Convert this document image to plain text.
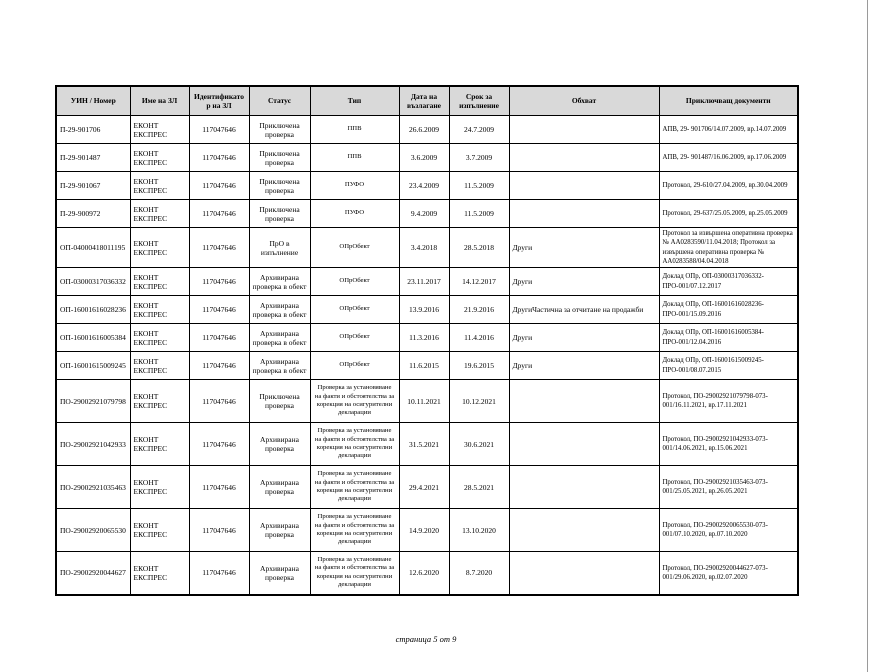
УИН / Номер	Име на ЗЛ	Идентификатор на ЗЛ	Статус	Тип	Дата на възлагане	Срок за изпълнение	Обхват	Приключващ документи
П-29-901706	ЕКОНТ ЕКСПРЕС	117047646	Приключена проверка	ППВ	26.6.2009	24.7.2009		АПВ, 29- 901706/14.07.2009, вр.14.07.2009
П-29-901487	ЕКОНТ ЕКСПРЕС	117047646	Приключена проверка	ППВ	3.6.2009	3.7.2009		АПВ, 29- 901487/16.06.2009, вр.17.06.2009
П-29-901067	ЕКОНТ ЕКСПРЕС	117047646	Приключена проверка	ПУФО	23.4.2009	11.5.2009		Протокол, 29-610/27.04.2009, вр.30.04.2009
П-29-900972	ЕКОНТ ЕКСПРЕС	117047646	Приключена проверка	ПУФО	9.4.2009	11.5.2009		Протокол, 29-637/25.05.2009, вр.25.05.2009
ОП-04000418011195	ЕКОНТ ЕКСПРЕС	117047646	ПрО в изпълнение	ОПрОбект	3.4.2018	28.5.2018	Други	Протокол за извършена оперативна проверка № АА0283590/11.04.2018; Протокол за извършена оперативна проверка № АА0283588/04.04.2018
ОП-03000317036332	ЕКОНТ ЕКСПРЕС	117047646	Архивирана проверка в обект	ОПрОбект	23.11.2017	14.12.2017	Други	Доклад ОПр, ОП-03000317036332-ПРО-001/07.12.2017
ОП-16001616028236	ЕКОНТ ЕКСПРЕС	117047646	Архивирана проверка в обект	ОПрОбект	13.9.2016	21.9.2016	ДругиЧастична за отчитане на продажби	Доклад ОПр, ОП-16001616028236-ПРО-001/15.09.2016
ОП-16001616005384	ЕКОНТ ЕКСПРЕС	117047646	Архивирана проверка в обект	ОПрОбект	11.3.2016	11.4.2016	Други	Доклад ОПр, ОП-16001616005384-ПРО-001/12.04.2016
ОП-16001615009245	ЕКОНТ ЕКСПРЕС	117047646	Архивирана проверка в обект	ОПрОбект	11.6.2015	19.6.2015	Други	Доклад ОПр, ОП-16001615009245-ПРО-001/08.07.2015
ПО-29002921079798	ЕКОНТ ЕКСПРЕС	117047646	Приключена проверка	Проверка за установяване на факти и обстоятелства за корекция на осигурителни декларации	10.11.2021	10.12.2021		Протокол, ПО-29002921079798-073-001/16.11.2021, вр.17.11.2021
ПО-29002921042933	ЕКОНТ ЕКСПРЕС	117047646	Архивирана проверка	Проверка за установяване на факти и обстоятелства за корекция на осигурителни декларации	31.5.2021	30.6.2021		Протокол, ПО-29002921042933-073-001/14.06.2021, вр.15.06.2021
ПО-29002921035463	ЕКОНТ ЕКСПРЕС	117047646	Архивирана проверка	Проверка за установяване на факти и обстоятелства за корекция на осигурителни декларации	29.4.2021	28.5.2021		Протокол, ПО-29002921035463-073-001/25.05.2021, вр.26.05.2021
ПО-29002920065530	ЕКОНТ ЕКСПРЕС	117047646	Архивирана проверка	Проверка за установяване на факти и обстоятелства за корекция на осигурителни декларации	14.9.2020	13.10.2020		Протокол, ПО-29002920065530-073-001/07.10.2020, вр.07.10.2020
ПО-29002920044627	ЕКОНТ ЕКСПРЕС	117047646	Архивирана проверка	Проверка за установяване на факти и обстоятелства за корекция на осигурителни декларации	12.6.2020	8.7.2020		Протокол, ПО-29002920044627-073-001/29.06.2020, вр.02.07.2020
страница 5 от 9
